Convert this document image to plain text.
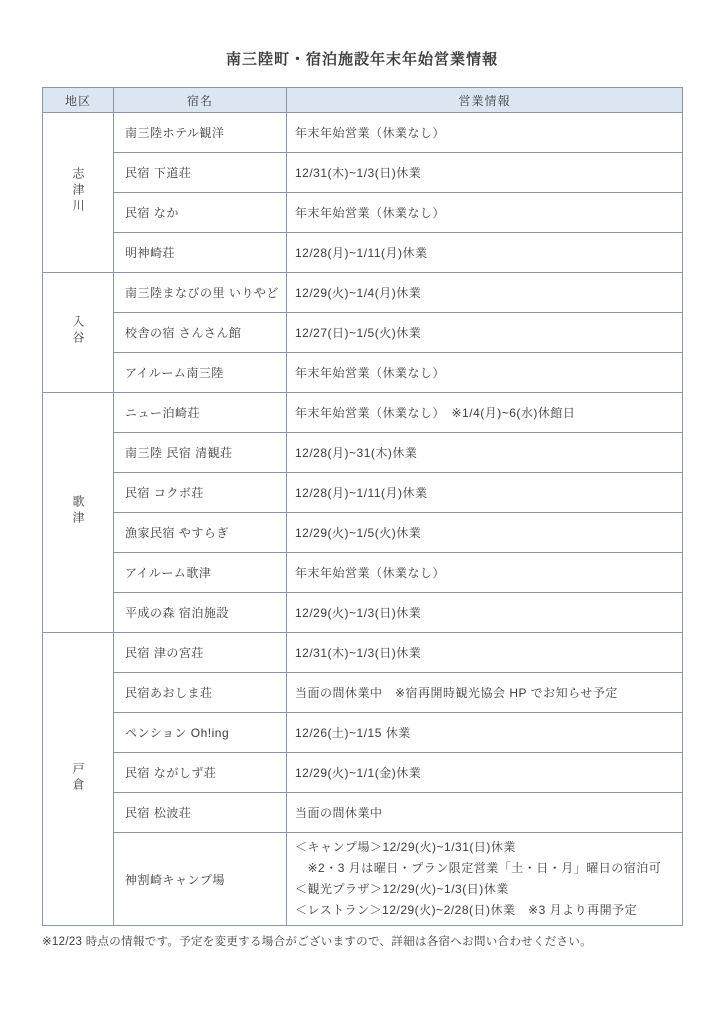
南三陸町・宿泊施設年末年始営業情報
地区	宿名	営業情報
志津川	南三陸ホテル観洋	年末年始営業（休業なし）
	民宿 下道荘	12/31(木)~1/3(日)休業
	民宿 なか	年末年始営業（休業なし）
	明神崎荘	12/28(月)~1/11(月)休業
入谷	南三陸まなびの里 いりやど	12/29(火)~1/4(月)休業
	校舎の宿 さんさん館	12/27(日)~1/5(火)休業
	アイルーム南三陸	年末年始営業（休業なし）
歌津	ニュー泊崎荘	年末年始営業（休業なし）　※1/4(月)~6(水)休館日
	南三陸 民宿 清観荘	12/28(月)~31(木)休業
	民宿 コクボ荘	12/28(月)~1/11(月)休業
	漁家民宿 やすらぎ	12/29(火)~1/5(火)休業
	アイルーム歌津	年末年始営業（休業なし）
	平成の森 宿泊施設	12/29(火)~1/3(日)休業
戸倉	民宿 津の宮荘	12/31(木)~1/3(日)休業
	民宿あおしま荘	当面の間休業中　※宿再開時観光協会 HP でお知らせ予定
	ペンション Oh!ing	12/26(土)~1/15 休業
	民宿 ながしず荘	12/29(火)~1/1(金)休業
	民宿 松波荘	当面の間休業中
	神割崎キャンプ場	＜キャンプ場＞12/29(火)~1/31(日)休業
　※2・3 月は曜日・プラン限定営業「土・日・月」曜日の宿泊可
＜観光プラザ＞12/29(火)~1/3(日)休業
＜レストラン＞12/29(火)~2/28(日)休業　※3 月より再開予定

※12/23 時点の情報です。予定を変更する場合がございますので、詳細は各宿へお問い合わせください。
